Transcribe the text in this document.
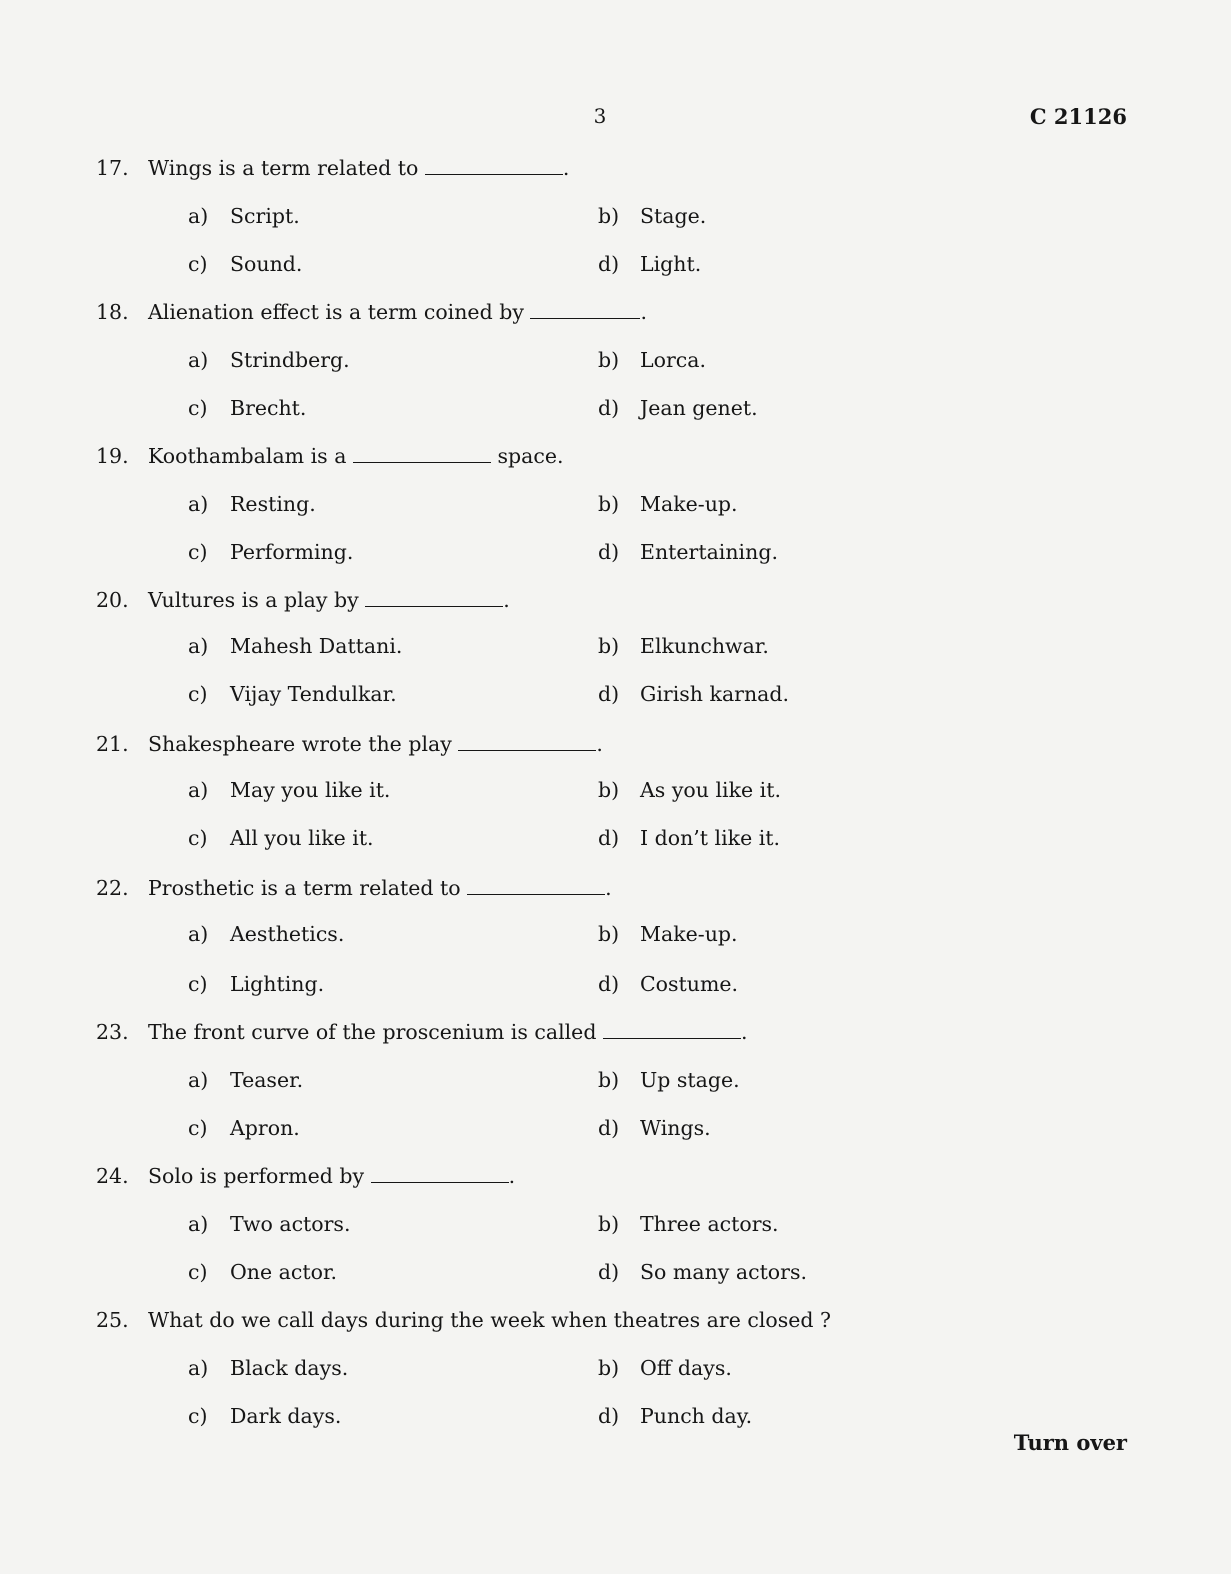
3	C 21126
17. Wings is a term related to	.
a) Script.	b) Stage.
c) Sound.	d) Light.
18. Alienation effect is a term coined by	.
a) Strindberg.	b) Lorca.
c) Brecht.	d) Jean genet.
19. Koothambalam is a	space.
a) Resting.	b) Make-up.
c) Performing.	d) Entertaining.
20. Vultures is a play by	.
a) Mahesh Dattani.	b) Elkunchwar.
c) Vijay Tendulkar.	d) Girish karnad.
21. Shakespheare wrote the play	.
a) May you like it.	b) As you like it.
c) All you like it.	d) I don’t like it.
22. Prosthetic is a term related to	.
a) Aesthetics.	b) Make-up.
c) Lighting.	d) Costume.
23. The front curve of the proscenium is called	.
a) Teaser.	b) Up stage.
c) Apron.	d) Wings.
24. Solo is performed by	.
a) Two actors.	b) Three actors.
c) One actor.	d) So many actors.
25. What do we call days during the week when theatres are closed ?
a) Black days.	b) Off days.
c) Dark days.	d) Punch day.
Turn over
